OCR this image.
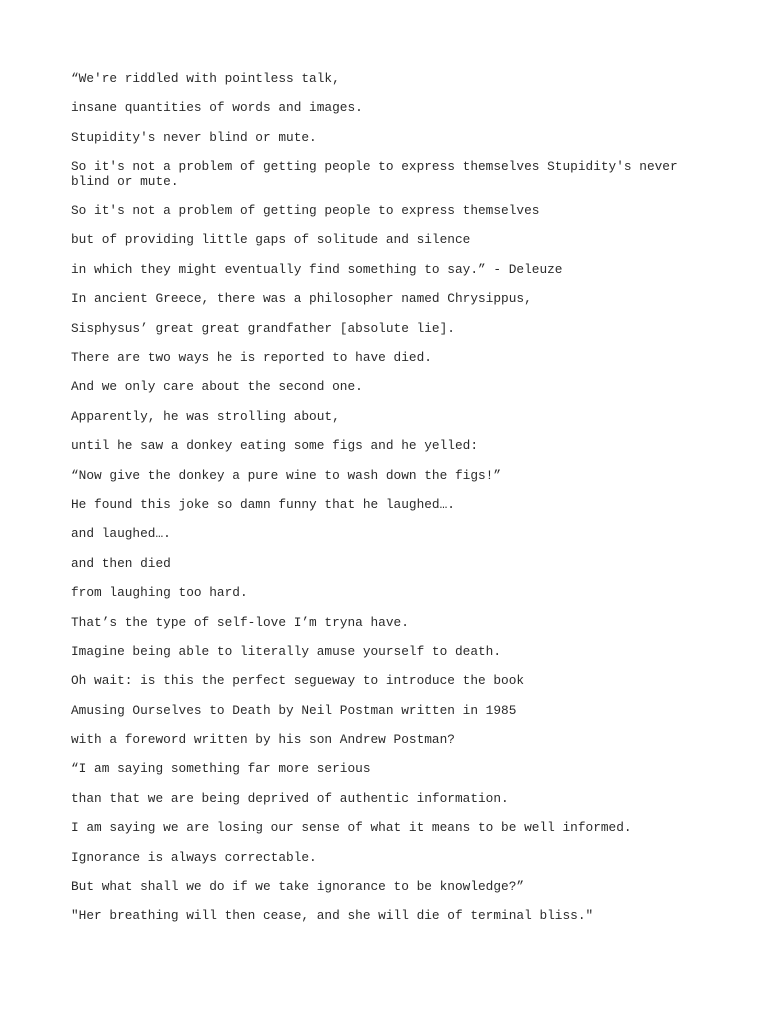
“We're riddled with pointless talk,

insane quantities of words and images.

Stupidity's never blind or mute.

So it's not a problem of getting people to express themselves Stupidity's never blind or mute.

So it's not a problem of getting people to express themselves

but of providing little gaps of solitude and silence

in which they might eventually find something to say.” - Deleuze

In ancient Greece, there was a philosopher named Chrysippus,

Sisphysus’ great great grandfather [absolute lie].

There are two ways he is reported to have died.

And we only care about the second one.

Apparently, he was strolling about,

until he saw a donkey eating some figs and he yelled:

“Now give the donkey a pure wine to wash down the figs!”

He found this joke so damn funny that he laughed….

and laughed….

and then died

from laughing too hard.

That’s the type of self-love I’m tryna have.

Imagine being able to literally amuse yourself to death.

Oh wait: is this the perfect segueway to introduce the book

Amusing Ourselves to Death by Neil Postman written in 1985

with a foreword written by his son Andrew Postman?

“I am saying something far more serious

than that we are being deprived of authentic information.

I am saying we are losing our sense of what it means to be well informed.

Ignorance is always correctable.

But what shall we do if we take ignorance to be knowledge?”

"Her breathing will then cease, and she will die of terminal bliss."
